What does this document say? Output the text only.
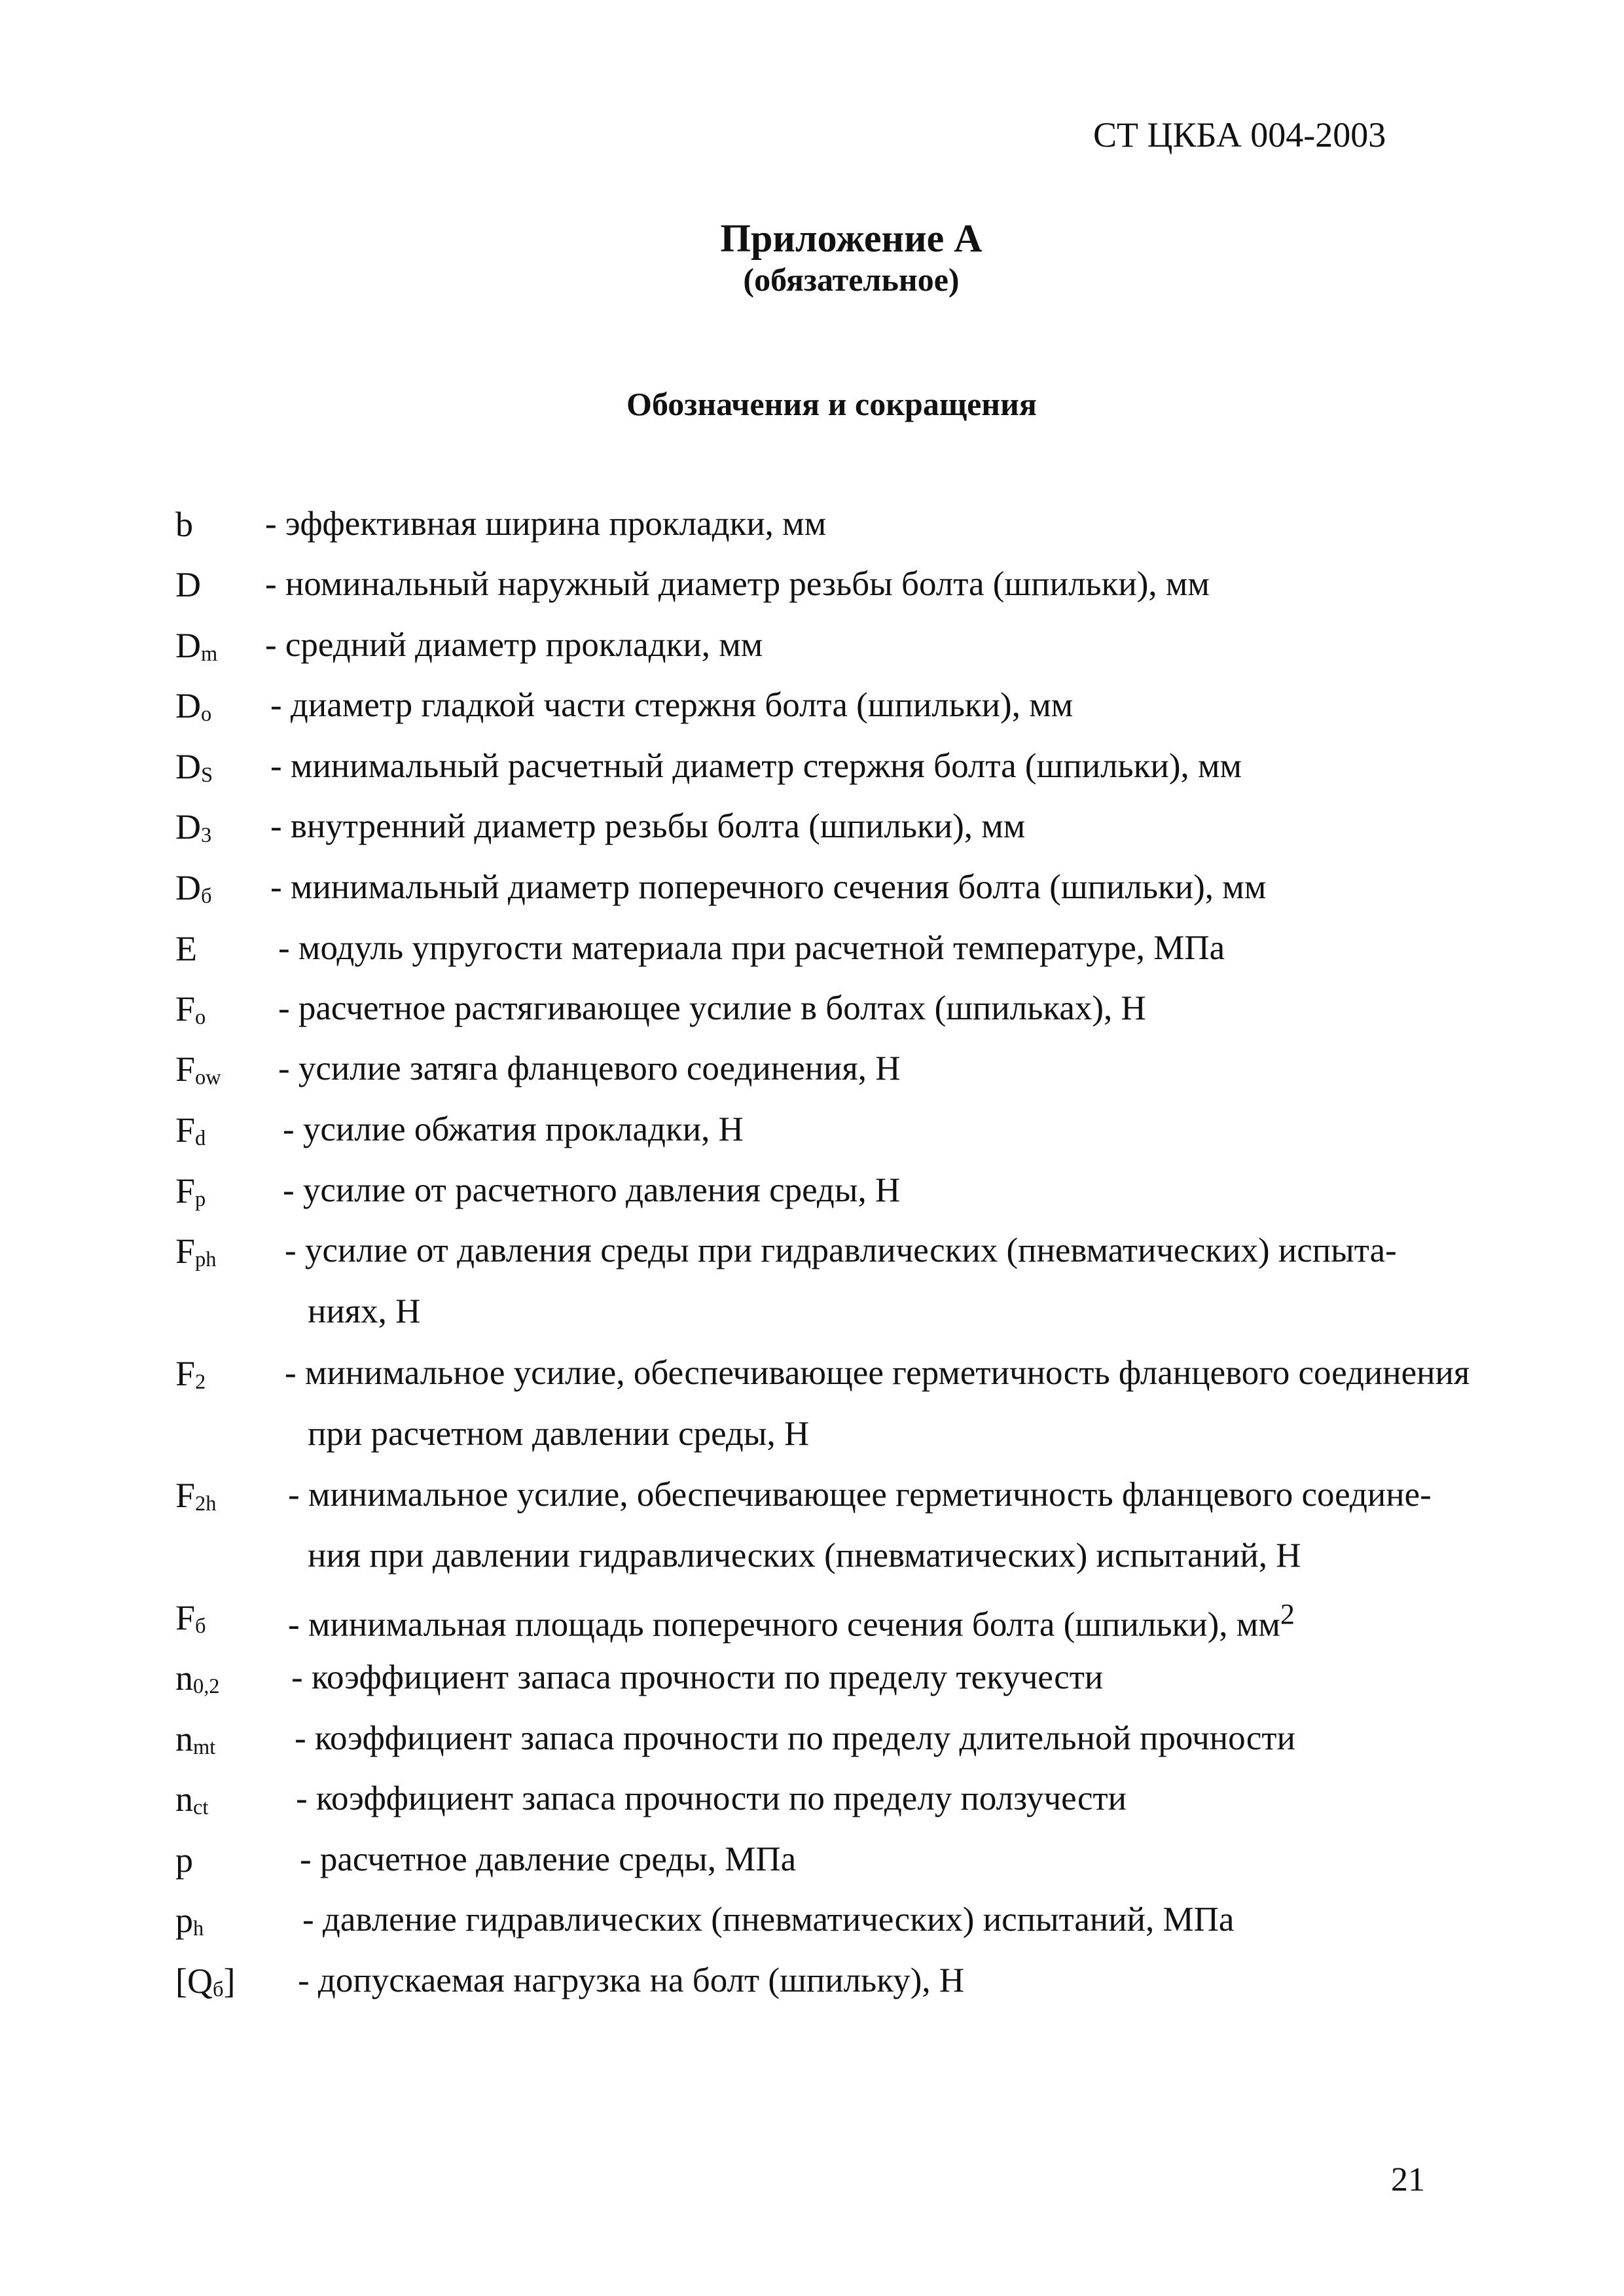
СТ ЦКБА 004-2003
Приложение А
(обязательное)
Обозначения и сокращения
b - эффективная ширина прокладки, мм
D - номинальный наружный диаметр резьбы болта (шпильки), мм
$D_m$ - средний диаметр прокладки, мм
$D_o$ - диаметр гладкой части стержня болта (шпильки), мм
$D_S$ - минимальный расчетный диаметр стержня болта (шпильки), мм
$D_3$ - внутренний диаметр резьбы болта (шпильки), мм
$D_б$ - минимальный диаметр поперечного сечения болта (шпильки), мм
E - модуль упругости материала при расчетной температуре, МПа
$F_o$ - расчетное растягивающее усилие в болтах (шпильках), Н
$F_{ow}$ - усилие затяга фланцевого соединения, Н
$F_d$ - усилие обжатия прокладки, Н
$F_p$ - усилие от расчетного давления среды, Н
$F_{ph}$ - усилие от давления среды при гидравлических (пневматических) испыта-
ниях, Н
$F_2$ - минимальное усилие, обеспечивающее герметичность фланцевого соединения
при расчетном давлении среды, Н
$F_{2h}$ - минимальное усилие, обеспечивающее герметичность фланцевого соедине-
ния при давлении гидравлических (пневматических) испытаний, Н
$F_б$ - минимальная площадь поперечного сечения болта (шпильки), $мм^2$
$n_{0,2}$ - коэффициент запаса прочности по пределу текучести
$n_{mt}$ - коэффициент запаса прочности по пределу длительной прочности
$n_{ct}$	- коэффициент запаса прочности по пределу ползучести
p	- расчетное давление среды, МПа
$p_h$	- давление гидравлических (пневматических) испытаний, МПа
$[Q_б]$ - допускаемая нагрузка на болт (шпильку), Н
21
